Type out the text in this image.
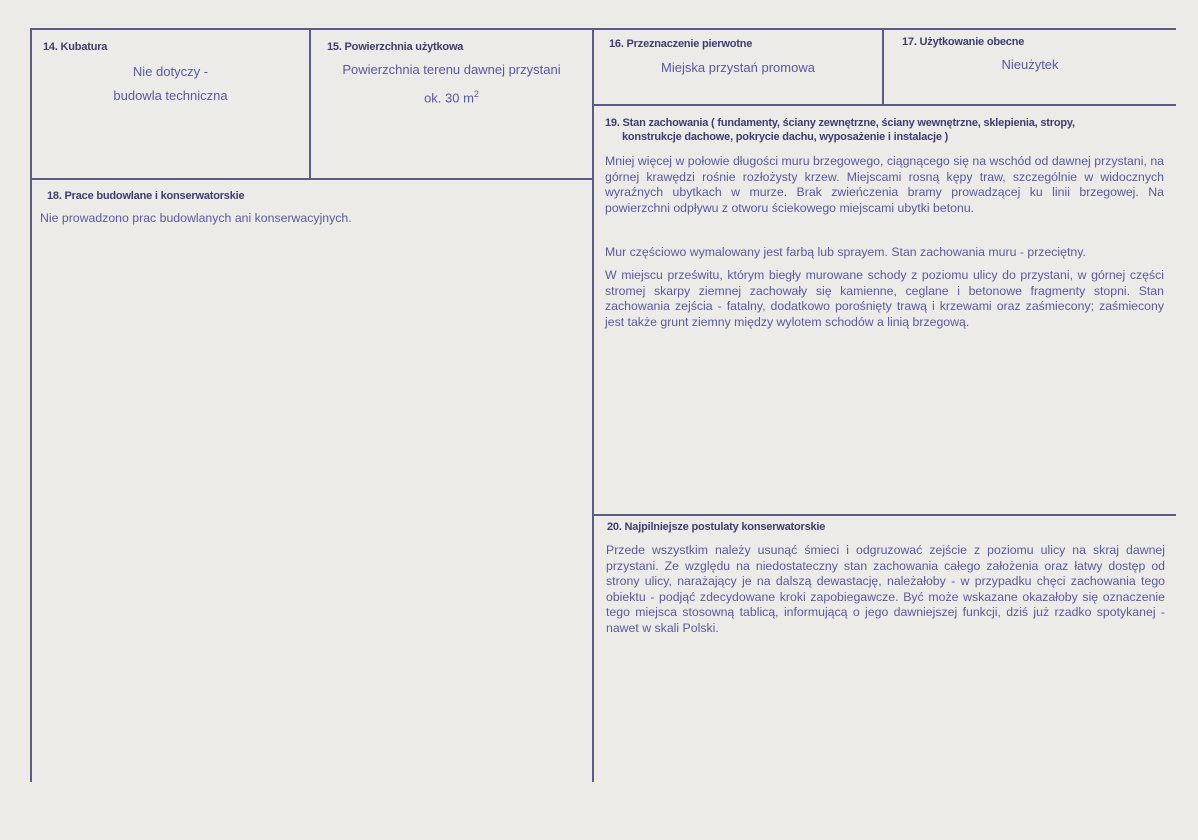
14. Kubatura
Nie dotyczy -
budowla techniczna
15. Powierzchnia użytkowa
Powierzchnia terenu dawnej przystani
ok. 30 $m^2$
16. Przeznaczenie pierwotne
Miejska przystań promowa
17. Użytkowanie obecne
Nieużytek
18. Prace budowlane i konserwatorskie
Nie prowadzono prac budowlanych ani konserwacyjnych.
19. Stan zachowania ( fundamenty, ściany zewnętrzne, ściany wewnętrzne, sklepienia, stropy,
konstrukcje dachowe, pokrycie dachu, wyposażenie i instalacje )

Mniej więcej w połowie długości muru brzegowego, ciągnącego się na wschód od dawnej przystani, na górnej krawędzi rośnie rozłożysty krzew. Miejscami rosną kępy traw, szczególnie w widocznych wyraźnych ubytkach w murze. Brak zwieńczenia bramy prowadzącej ku linii brzegowej. Na powierzchni odpływu z otworu ściekowego miejscami ubytki betonu.

Mur częściowo wymalowany jest farbą lub sprayem. Stan zachowania muru - przeciętny.

W miejscu prześwitu, którym biegły murowane schody z poziomu ulicy do przystani, w górnej części stromej skarpy ziemnej zachowały się kamienne, ceglane i betonowe fragmenty stopni. Stan zachowania zejścia - fatalny, dodatkowo porośnięty trawą i krzewami oraz zaśmiecony; zaśmiecony jest także grunt ziemny między wylotem schodów a linią brzegową.

20. Najpilniejsze postulaty konserwatorskie

Przede wszystkim należy usunąć śmieci i odgruzować zejście z poziomu ulicy na skraj dawnej przystani. Ze względu na niedostateczny stan zachowania całego założenia oraz łatwy dostęp od strony ulicy, narażający je na dalszą dewastację, należałoby - w przypadku chęci zachowania tego obiektu - podjąć zdecydowane kroki zapobiegawcze. Być może wskazane okazałoby się oznaczenie tego miejsca stosowną tablicą, informującą o jego dawniejszej funkcji, dziś już rzadko spotykanej - nawet w skali Polski.
